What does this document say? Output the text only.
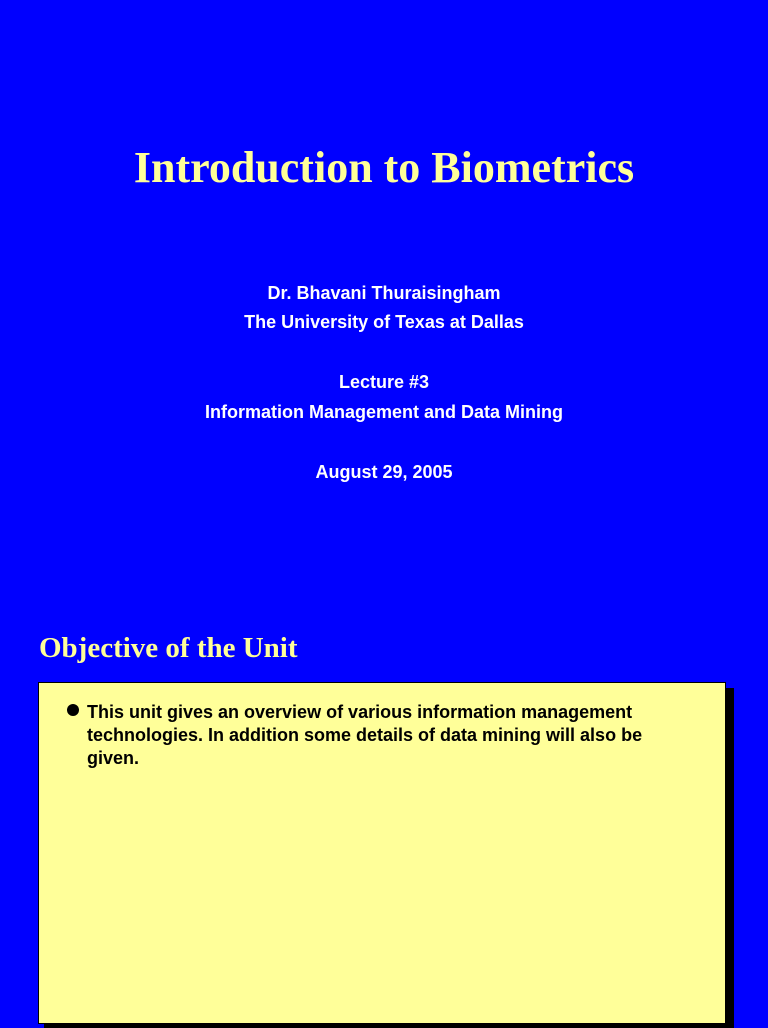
Introduction to Biometrics
Dr. Bhavani Thuraisingham
The University of Texas at Dallas
Lecture #3
Information Management and Data Mining
August 29, 2005
Objective of the Unit
This unit gives an overview of various information management technologies. In addition some details of data mining will also be given.
